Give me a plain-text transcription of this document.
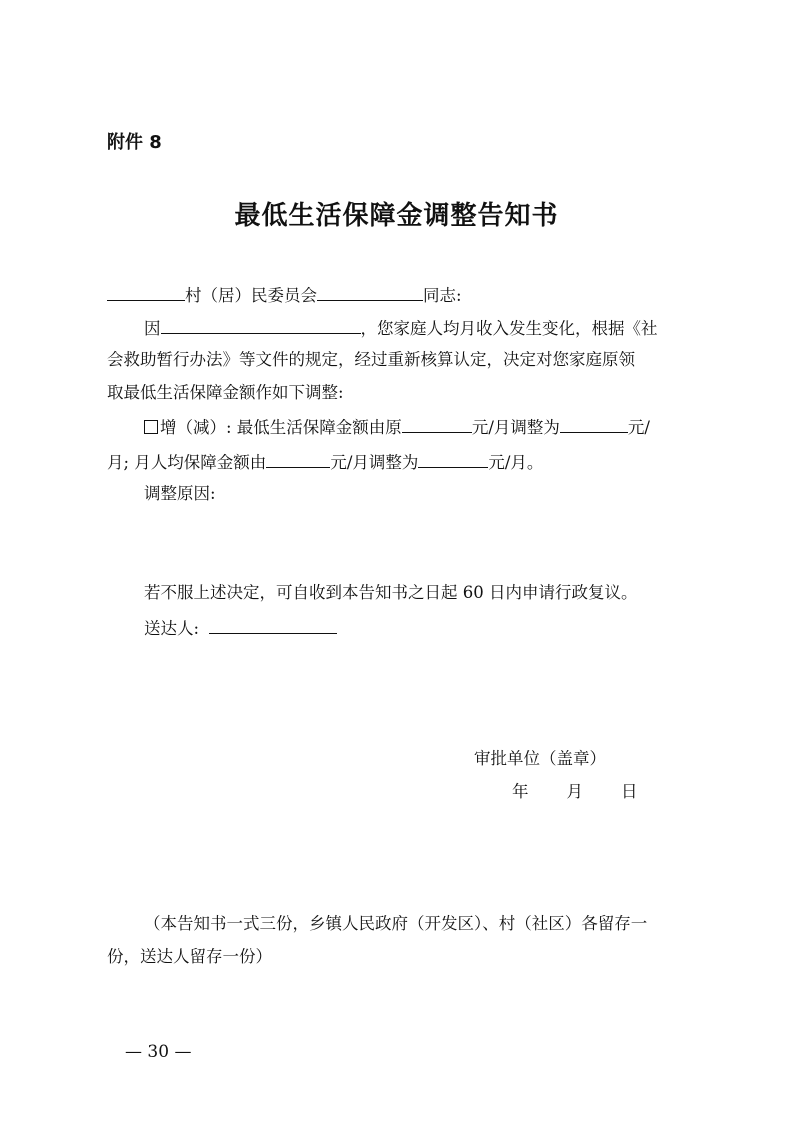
附件 8
最低生活保障金调整告知书
村（居）民委员会	同志:
因	，您家庭人均月收入发生变化，根据《社
会救助暂行办法》等文件的规定，经过重新核算认定，决定对您家庭原领
取最低生活保障金额作如下调整:
增（减）: 最低生活保障金额由原	元/月调整为	元/
月; 月人均保障金额由	元/月调整为	元/月。
调整原因:
若不服上述决定，可自收到本告知书之日起 60 日内申请行政复议。
送达人:
审批单位（盖章）
年 月 日
（本告知书一式三份，乡镇人民政府（开发区）、村（社区）各留存一
份，送达人留存一份）
— 30 —
